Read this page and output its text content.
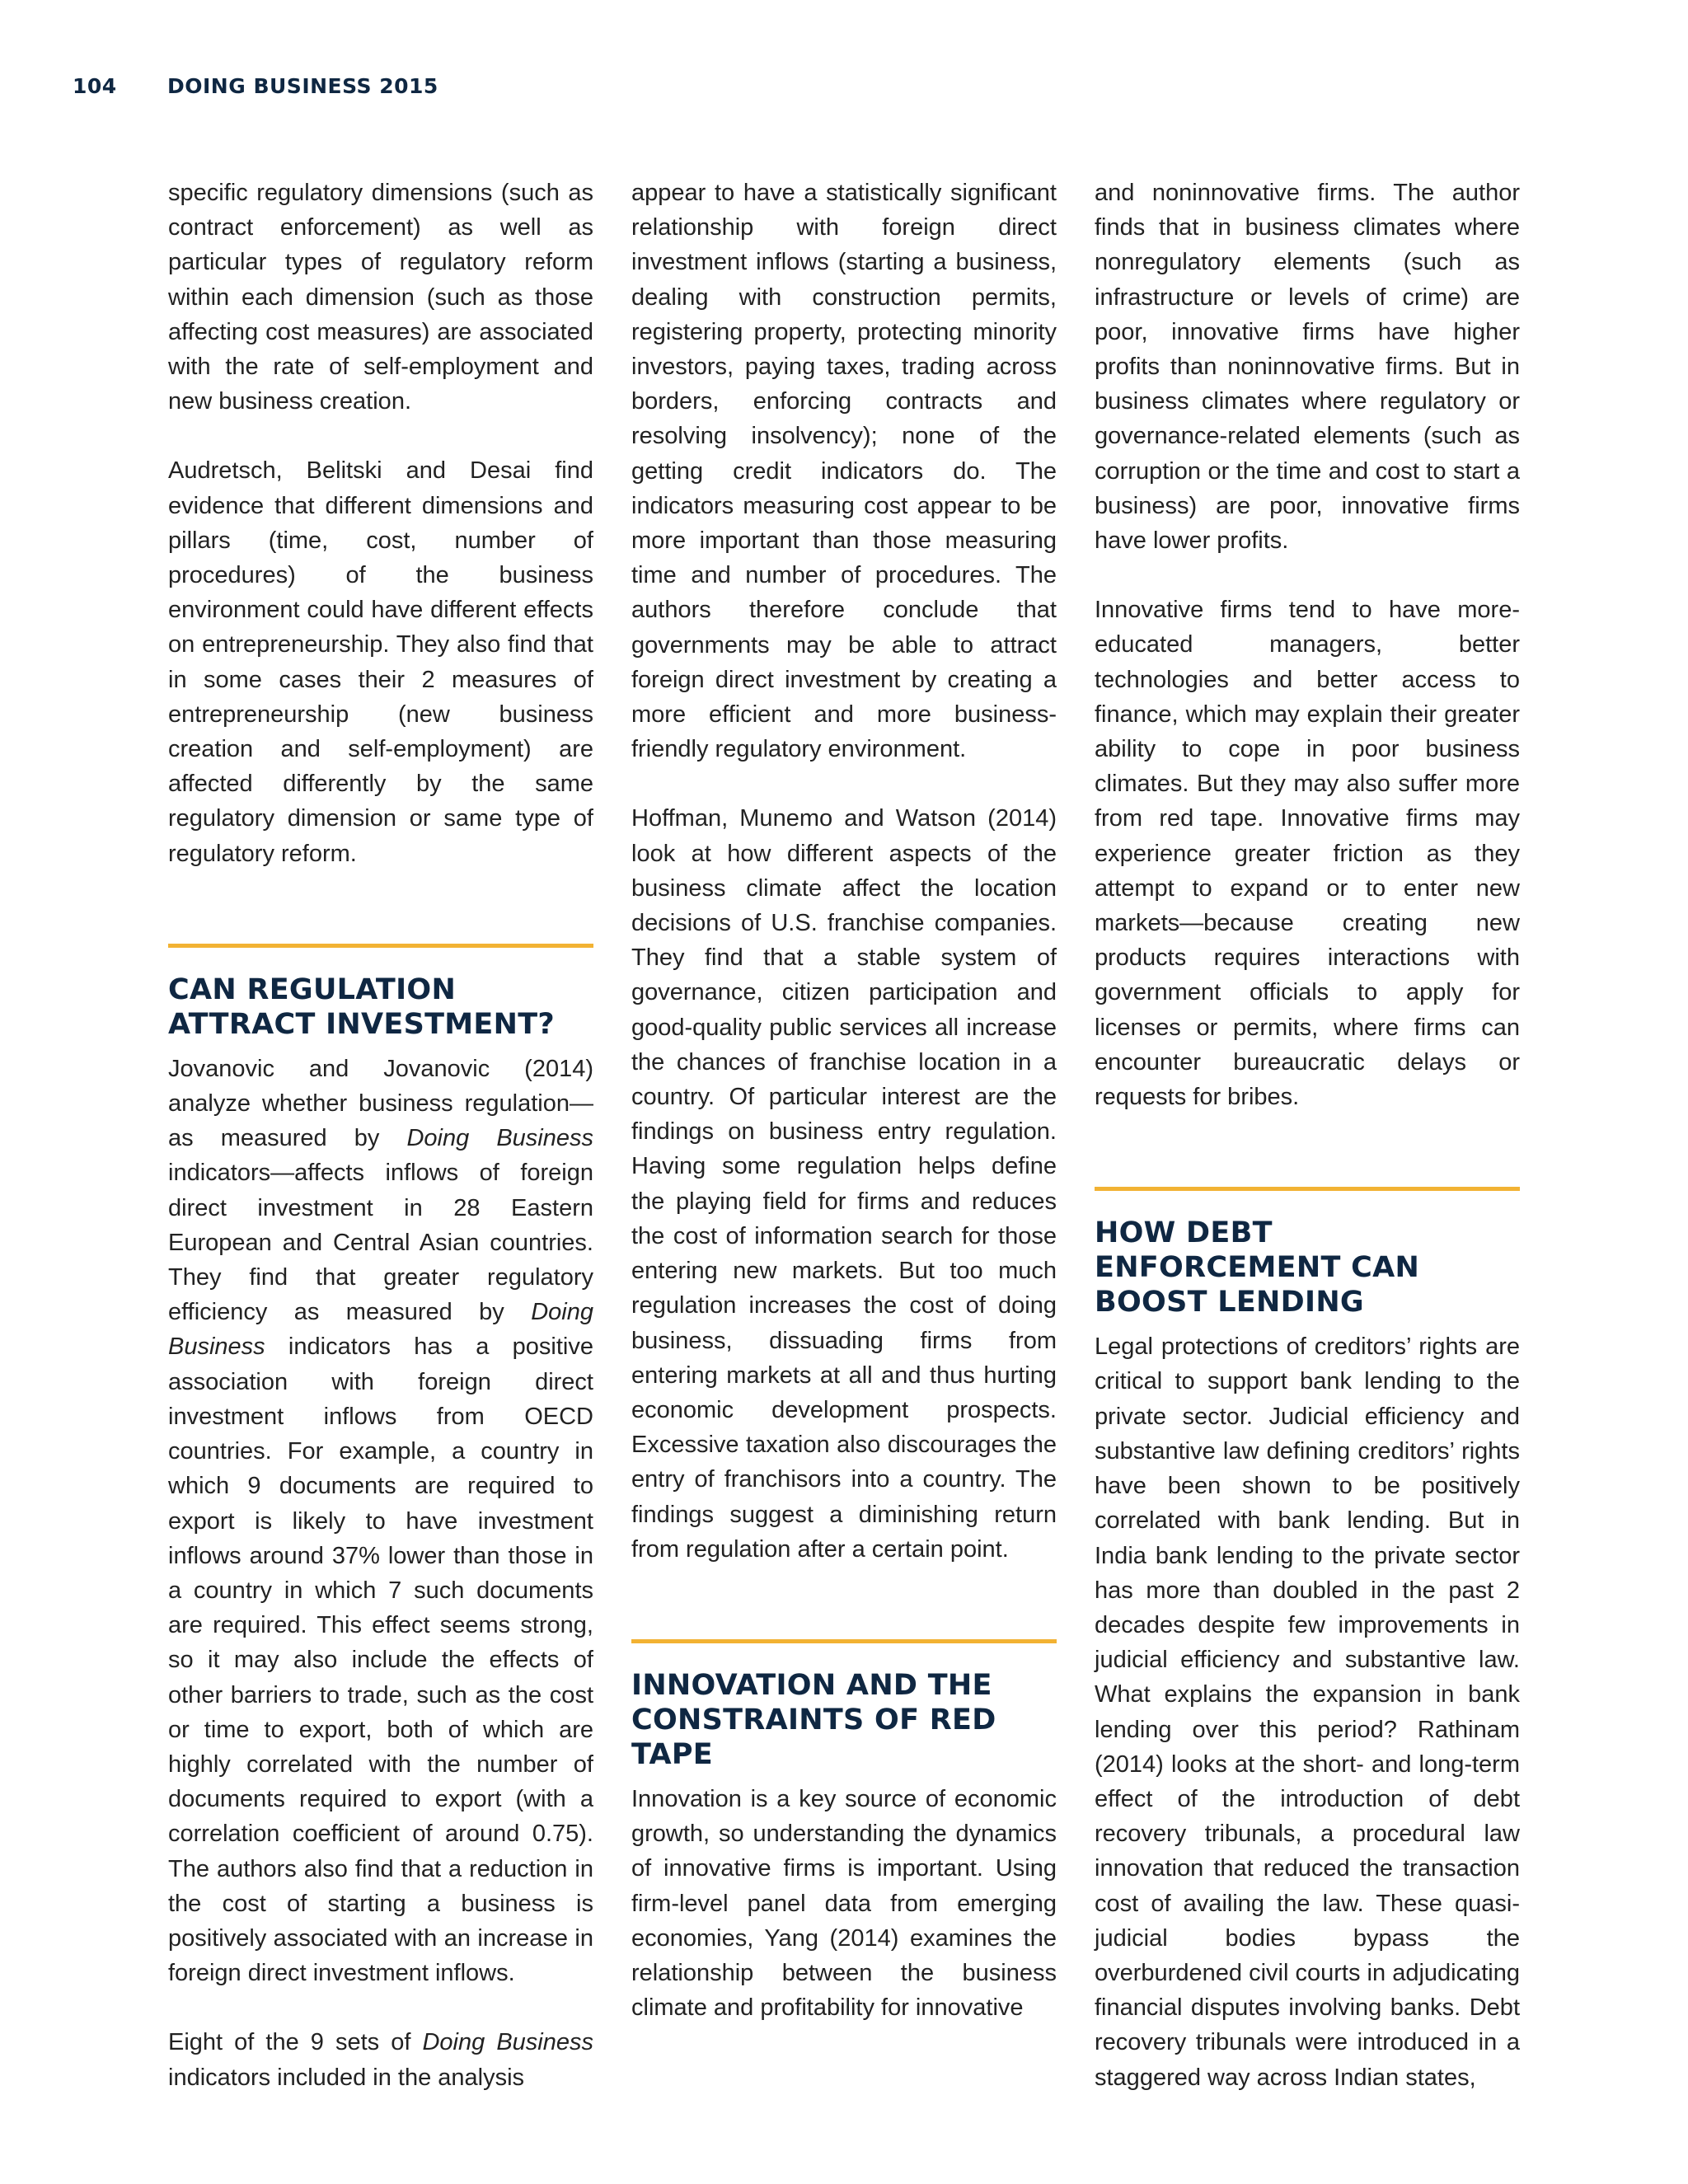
104	DOING BUSINESS 2015

specific regulatory dimensions (such as contract enforcement) as well as particular types of regulatory reform within each dimension (such as those affecting cost measures) are associated with the rate of self-employment and new business creation.

Audretsch, Belitski and Desai find evidence that different dimensions and pillars (time, cost, number of procedures) of the business environment could have different effects on entrepreneurship. They also find that in some cases their 2 measures of entrepreneurship (new business creation and self-employment) are affected differently by the same regulatory dimension or same type of regulatory reform.

CAN REGULATION ATTRACT INVESTMENT?

Jovanovic and Jovanovic (2014) analyze whether business regulation—as measured by Doing Business indicators—affects inflows of foreign direct investment in 28 Eastern European and Central Asian countries. They find that greater regulatory efficiency as measured by Doing Business indicators has a positive association with foreign direct investment inflows from OECD countries. For example, a country in which 9 documents are required to export is likely to have investment inflows around 37% lower than those in a country in which 7 such documents are required. This effect seems strong, so it may also include the effects of other barriers to trade, such as the cost or time to export, both of which are highly correlated with the number of documents required to export (with a correlation coefficient of around 0.75). The authors also find that a reduction in the cost of starting a business is positively associated with an increase in foreign direct investment inflows.

Eight of the 9 sets of Doing Business indicators included in the analysis

appear to have a statistically significant relationship with foreign direct investment inflows (starting a business, dealing with construction permits, registering property, protecting minority investors, paying taxes, trading across borders, enforcing contracts and resolving insolvency); none of the getting credit indicators do. The indicators measuring cost appear to be more important than those measuring time and number of procedures. The authors therefore conclude that governments may be able to attract foreign direct investment by creating a more efficient and more business-friendly regulatory environment.

Hoffman, Munemo and Watson (2014) look at how different aspects of the business climate affect the location decisions of U.S. franchise companies. They find that a stable system of governance, citizen participation and good-quality public services all increase the chances of franchise location in a country. Of particular interest are the findings on business entry regulation. Having some regulation helps define the playing field for firms and reduces the cost of information search for those entering new markets. But too much regulation increases the cost of doing business, dissuading firms from entering markets at all and thus hurting economic development prospects. Excessive taxation also discourages the entry of franchisors into a country. The findings suggest a diminishing return from regulation after a certain point.

INNOVATION AND THE CONSTRAINTS OF RED TAPE

Innovation is a key source of economic growth, so understanding the dynamics of innovative firms is important. Using firm-level panel data from emerging economies, Yang (2014) examines the relationship between the business climate and profitability for innovative

and noninnovative firms. The author finds that in business climates where nonregulatory elements (such as infrastructure or levels of crime) are poor, innovative firms have higher profits than noninnovative firms. But in business climates where regulatory or governance-related elements (such as corruption or the time and cost to start a business) are poor, innovative firms have lower profits.

Innovative firms tend to have more-educated managers, better technologies and better access to finance, which may explain their greater ability to cope in poor business climates. But they may also suffer more from red tape. Innovative firms may experience greater friction as they attempt to expand or to enter new markets—because creating new products requires interactions with government officials to apply for licenses or permits, where firms can encounter bureaucratic delays or requests for bribes.

HOW DEBT ENFORCEMENT CAN BOOST LENDING

Legal protections of creditors’ rights are critical to support bank lending to the private sector. Judicial efficiency and substantive law defining creditors’ rights have been shown to be positively correlated with bank lending. But in India bank lending to the private sector has more than doubled in the past 2 decades despite few improvements in judicial efficiency and substantive law. What explains the expansion in bank lending over this period? Rathinam (2014) looks at the short- and long-term effect of the introduction of debt recovery tribunals, a procedural law innovation that reduced the transaction cost of availing the law. These quasi-judicial bodies bypass the overburdened civil courts in adjudicating financial disputes involving banks. Debt recovery tribunals were introduced in a staggered way across Indian states,
